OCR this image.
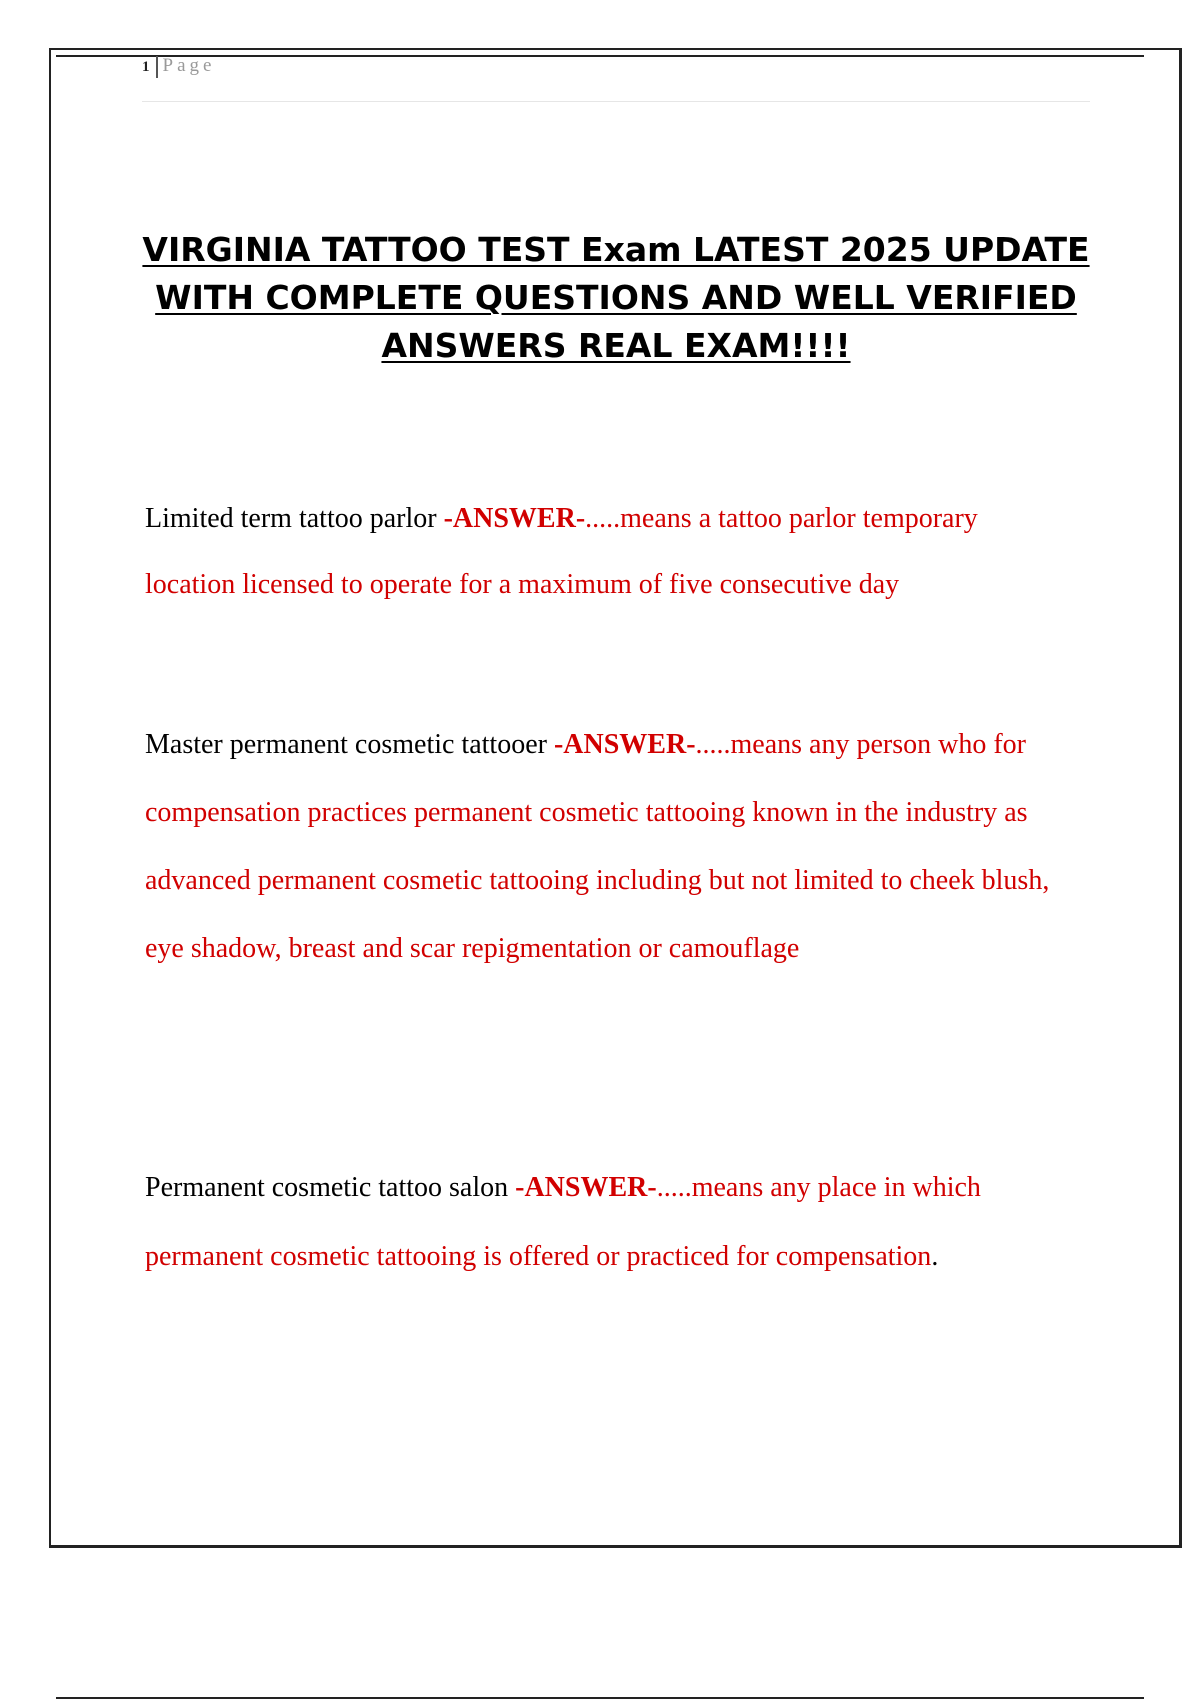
1 Page
VIRGINIA TATTOO TEST Exam LATEST 2025 UPDATE WITH COMPLETE QUESTIONS AND WELL VERIFIED ANSWERS REAL EXAM!!!!

Limited term tattoo parlor -ANSWER-.....means a tattoo parlor temporary location licensed to operate for a maximum of five consecutive day

Master permanent cosmetic tattooer -ANSWER-.....means any person who for compensation practices permanent cosmetic tattooing known in the industry as advanced permanent cosmetic tattooing including but not limited to cheek blush, eye shadow, breast and scar repigmentation or camouflage

Permanent cosmetic tattoo salon -ANSWER-.....means any place in which permanent cosmetic tattooing is offered or practiced for compensation.
